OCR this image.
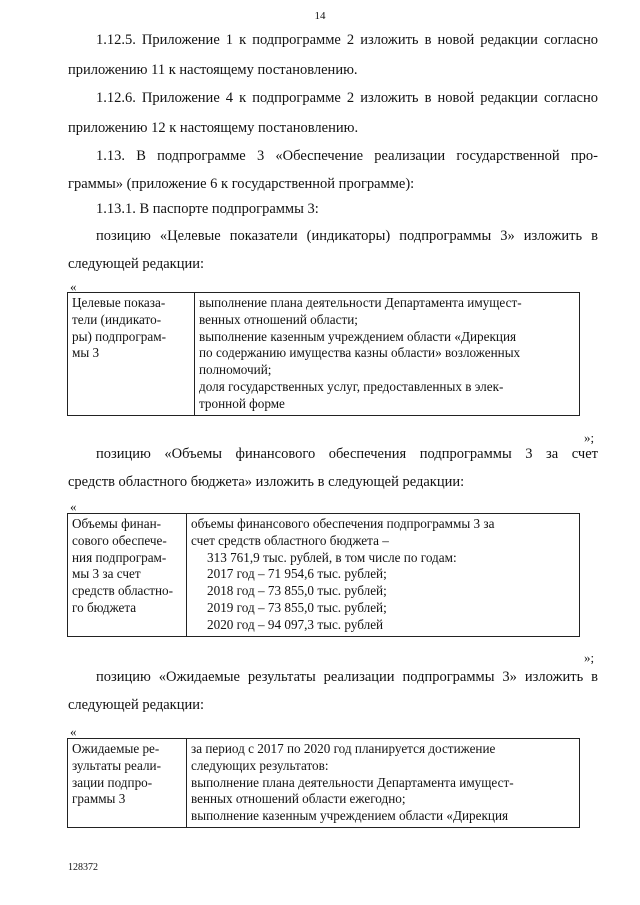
14
1.12.5. Приложение 1 к подпрограмме 2 изложить в новой редакции согласно
приложению 11 к настоящему постановлению.
1.12.6. Приложение 4 к подпрограмме 2 изложить в новой редакции согласно
приложению 12 к настоящему постановлению.
1.13. В подпрограмме 3 «Обеспечение реализации государственной про-
граммы» (приложение 6 к государственной программе):
1.13.1. В паспорте подпрограммы 3:
позицию «Целевые показатели (индикаторы) подпрограммы 3» изложить в
следующей редакции:
«
Целевые показа-
тели (индикато-
ры) подпрограм-
мы 3	выполнение плана деятельности Департамента имущест-
венных отношений области;
выполнение казенным учреждением области «Дирекция
по содержанию имущества казны области» возложенных
полномочий;
доля государственных услуг, предоставленных в элек-
тронной форме
»;
позицию «Объемы финансового обеспечения подпрограммы 3 за счет
средств областного бюджета» изложить в следующей редакции:
«
Объемы финан-
сового обеспече-
ния подпрограм-
мы 3 за счет
средств областно-
го бюджета	объемы финансового обеспечения подпрограммы 3 за
счет средств областного бюджета –
313 761,9 тыс. рублей, в том числе по годам:
2017 год – 71 954,6 тыс. рублей;
2018 год – 73 855,0 тыс. рублей;
2019 год – 73 855,0 тыс. рублей;
2020 год – 94 097,3 тыс. рублей
»;
позицию «Ожидаемые результаты реализации подпрограммы 3» изложить в
следующей редакции:
«
Ожидаемые ре-
зультаты реали-
зации подпро-
граммы 3	за период с 2017 по 2020 год планируется достижение
следующих результатов:
выполнение плана деятельности Департамента имущест-
венных отношений области ежегодно;
выполнение казенным учреждением области «Дирекция
128372
